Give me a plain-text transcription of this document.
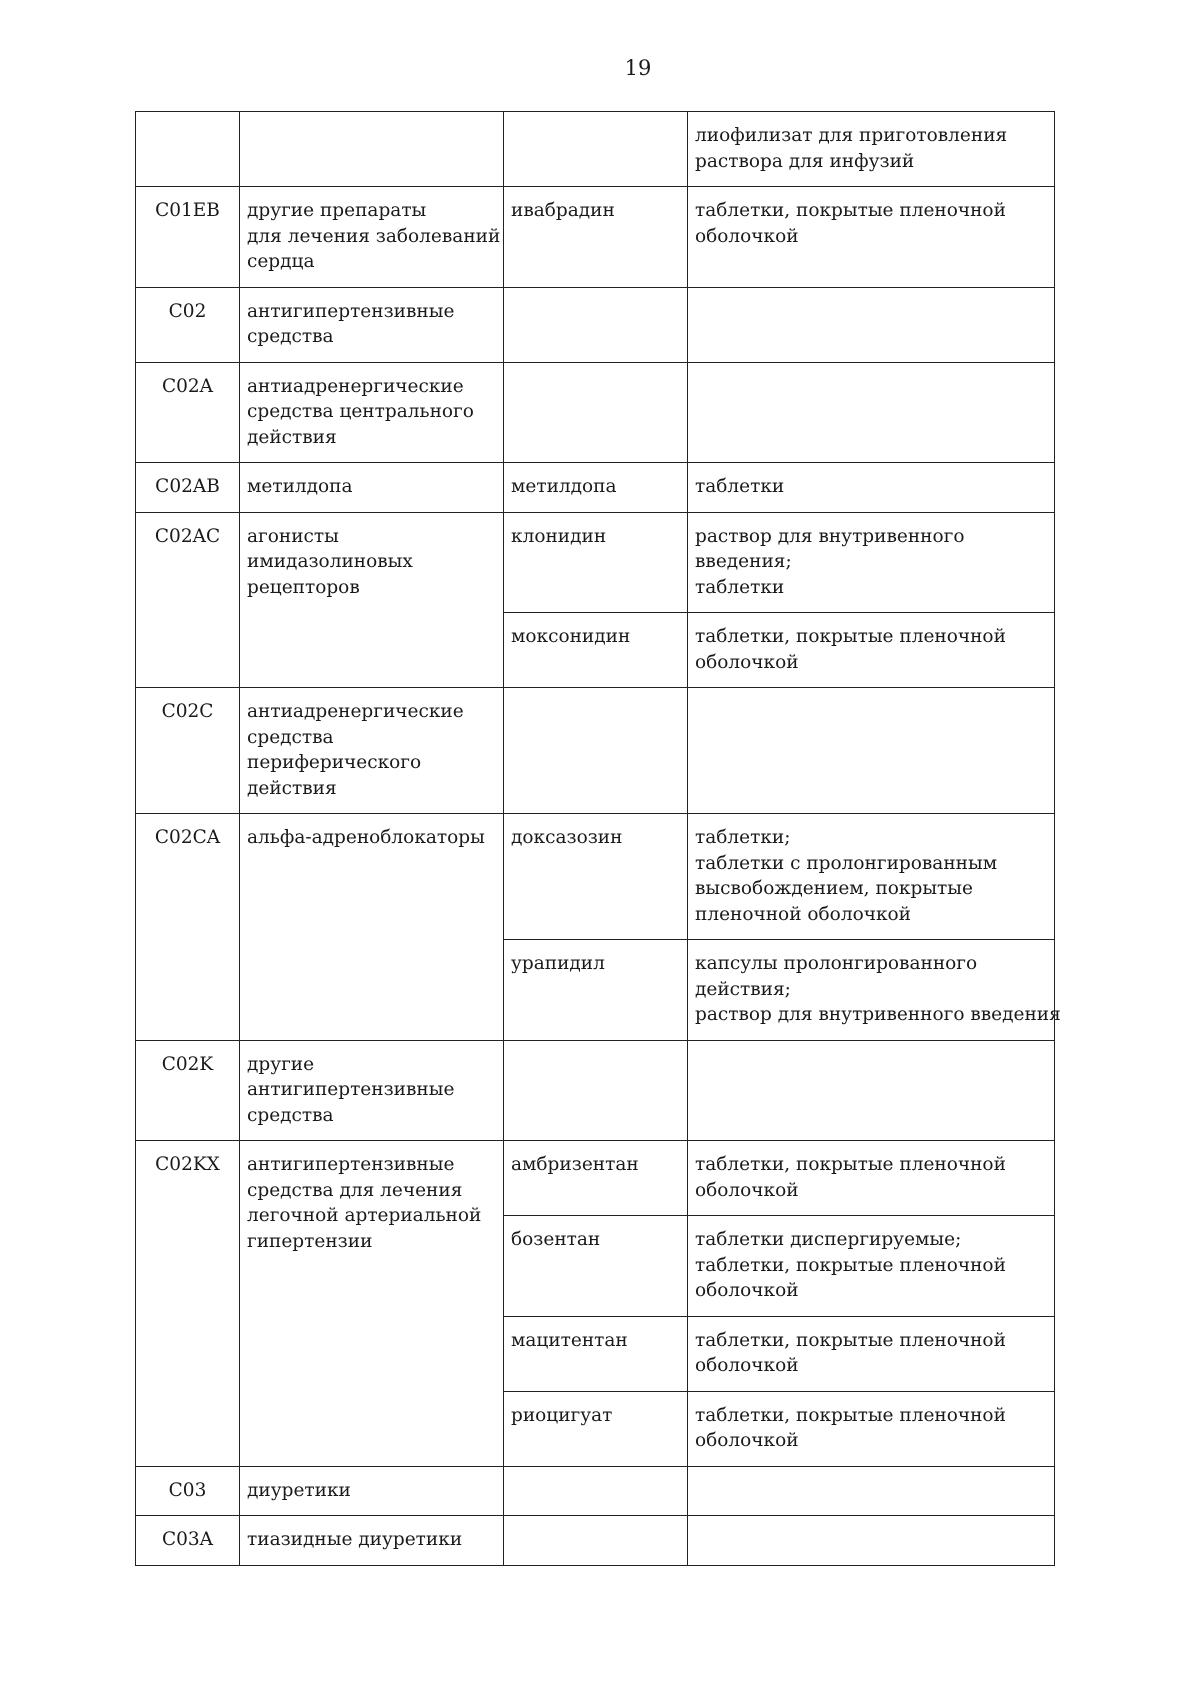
19

			лиофилизат для приготовления
раствора для инфузий

C01EB	другие препараты
для лечения заболеваний
сердца	ивабрадин	таблетки, покрытые пленочной
оболочкой

C02	антигипертензивные
средства		

C02A	антиадренергические
средства центрального
действия		

C02AB	метилдопа	метилдопа	таблетки

C02AC	агонисты
имидазолиновых
рецепторов	клонидин	раствор для внутривенного
введения;
таблетки

		моксонидин	таблетки, покрытые пленочной
оболочкой

C02C	антиадренергические
средства
периферического
действия		

C02CA	альфа-адреноблокаторы	доксазозин	таблетки;
таблетки с пролонгированным
высвобождением, покрытые
пленочной оболочкой

		урапидил	капсулы пролонгированного
действия;
раствор для внутривенного введения

C02K	другие
антигипертензивные
средства		

C02KX	антигипертензивные
средства для лечения
легочной артериальной
гипертензии	амбризентан	таблетки, покрытые пленочной
оболочкой

		бозентан	таблетки диспергируемые;
таблетки, покрытые пленочной
оболочкой

		мацитентан	таблетки, покрытые пленочной
оболочкой

		риоцигуат	таблетки, покрытые пленочной
оболочкой

C03	диуретики		

C03A	тиазидные диуретики		
